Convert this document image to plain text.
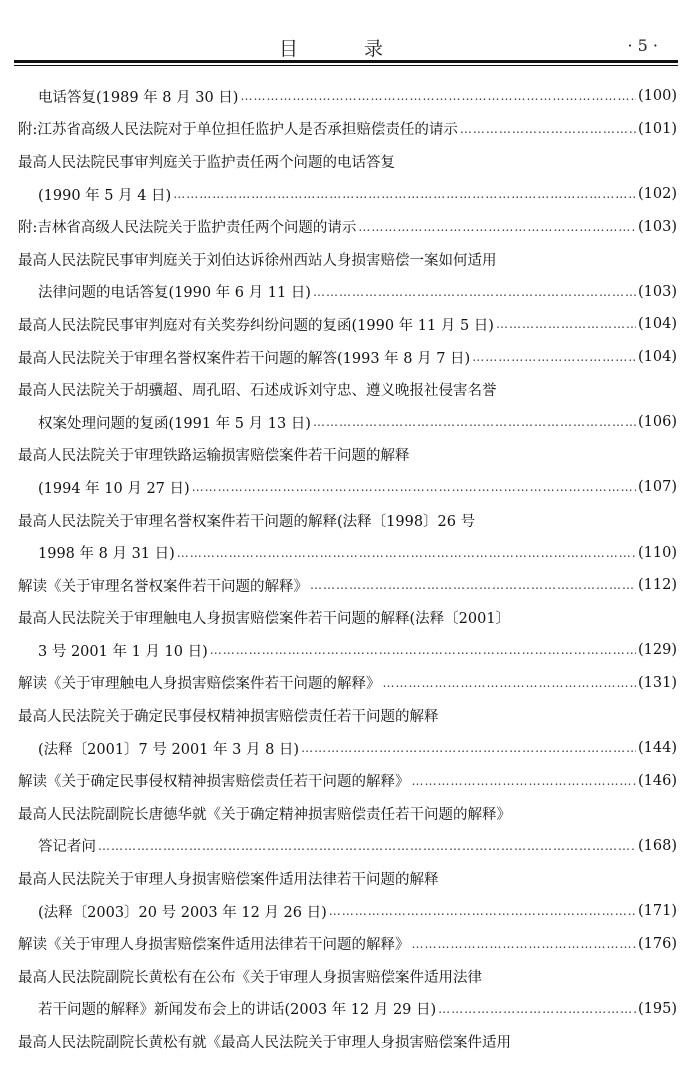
目 录	· 5 ·
电话答复(1989 年 8 月 30 日) ……………………………………………………………………………………………………………………………………………………	(100)
附:江苏省高级人民法院对于单位担任监护人是否承担赔偿责任的请示 ……………………………………………………………………………………………………………………………………………………	(101)
最高人民法院民事审判庭关于监护责任两个问题的电话答复
(1990 年 5 月 4 日) ……………………………………………………………………………………………………………………………………………………	(102)
附:吉林省高级人民法院关于监护责任两个问题的请示 ……………………………………………………………………………………………………………………………………………………	(103)
最高人民法院民事审判庭关于刘伯达诉徐州西站人身损害赔偿一案如何适用
法律问题的电话答复(1990 年 6 月 11 日) ……………………………………………………………………………………………………………………………………………………	(103)
最高人民法院民事审判庭对有关奖券纠纷问题的复函(1990 年 11 月 5 日) ……………………………………………………………………………………………………………………………………………………	(104)
最高人民法院关于审理名誉权案件若干问题的解答(1993 年 8 月 7 日) ……………………………………………………………………………………………………………………………………………………	(104)
最高人民法院关于胡骥超、周孔昭、石述成诉刘守忠、遵义晚报社侵害名誉
权案处理问题的复函(1991 年 5 月 13 日) ……………………………………………………………………………………………………………………………………………………	(106)
最高人民法院关于审理铁路运输损害赔偿案件若干问题的解释
(1994 年 10 月 27 日) ……………………………………………………………………………………………………………………………………………………	(107)
最高人民法院关于审理名誉权案件若干问题的解释(法释〔1998〕26 号
1998 年 8 月 31 日) ……………………………………………………………………………………………………………………………………………………	(110)
解读《关于审理名誉权案件若干问题的解释》 ……………………………………………………………………………………………………………………………………………………	(112)
最高人民法院关于审理触电人身损害赔偿案件若干问题的解释(法释〔2001〕
3 号 2001 年 1 月 10 日) ……………………………………………………………………………………………………………………………………………………	(129)
解读《关于审理触电人身损害赔偿案件若干问题的解释》 ……………………………………………………………………………………………………………………………………………………	(131)
最高人民法院关于确定民事侵权精神损害赔偿责任若干问题的解释
(法释〔2001〕7 号 2001 年 3 月 8 日) ……………………………………………………………………………………………………………………………………………………	(144)
解读《关于确定民事侵权精神损害赔偿责任若干问题的解释》 ……………………………………………………………………………………………………………………………………………………	(146)
最高人民法院副院长唐德华就《关于确定精神损害赔偿责任若干问题的解释》
答记者问 ……………………………………………………………………………………………………………………………………………………	(168)
最高人民法院关于审理人身损害赔偿案件适用法律若干问题的解释
(法释〔2003〕20 号 2003 年 12 月 26 日) ……………………………………………………………………………………………………………………………………………………	(171)
解读《关于审理人身损害赔偿案件适用法律若干问题的解释》 ……………………………………………………………………………………………………………………………………………………	(176)
最高人民法院副院长黄松有在公布《关于审理人身损害赔偿案件适用法律
若干问题的解释》新闻发布会上的讲话(2003 年 12 月 29 日) ……………………………………………………………………………………………………………………………………………………	(195)
最高人民法院副院长黄松有就《最高人民法院关于审理人身损害赔偿案件适用
